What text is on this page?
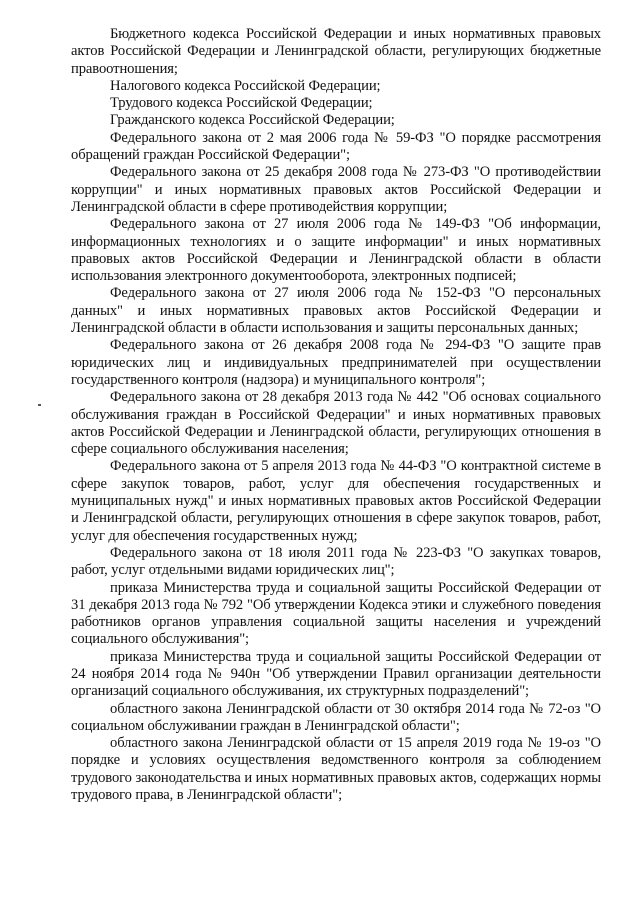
Бюджетного кодекса Российской Федерации и иных нормативных правовых актов Российской Федерации и Ленинградской области, регулирующих бюджетные правоотношения;

Налогового кодекса Российской Федерации;

Трудового кодекса Российской Федерации;

Гражданского кодекса Российской Федерации;

Федерального закона от 2 мая 2006 года № 59-ФЗ "О порядке рассмотрения обращений граждан Российской Федерации";

Федерального закона от 25 декабря 2008 года № 273-ФЗ "О противодействии коррупции" и иных нормативных правовых актов Российской Федерации и Ленинградской области в сфере противодействия коррупции;

Федерального закона от 27 июля 2006 года № 149-ФЗ "Об информации, информационных технологиях и о защите информации" и иных нормативных правовых актов Российской Федерации и Ленинградской области в области использования электронного документооборота, электронных подписей;

Федерального закона от 27 июля 2006 года № 152-ФЗ "О персональных данных" и иных нормативных правовых актов Российской Федерации и Ленинградской области в области использования и защиты персональных данных;

Федерального закона от 26 декабря 2008 года № 294-ФЗ "О защите прав юридических лиц и индивидуальных предпринимателей при осуществлении государственного контроля (надзора) и муниципального контроля";

Федерального закона от 28 декабря 2013 года № 442 "Об основах социального обслуживания граждан в Российской Федерации" и иных нормативных правовых актов Российской Федерации и Ленинградской области, регулирующих отношения в сфере социального обслуживания населения;

Федерального закона от 5 апреля 2013 года № 44-ФЗ "О контрактной системе в сфере закупок товаров, работ, услуг для обеспечения государственных и муниципальных нужд" и иных нормативных правовых актов Российской Федерации и Ленинградской области, регулирующих отношения в сфере закупок товаров, работ, услуг для обеспечения государственных нужд;

Федерального закона от 18 июля 2011 года № 223-ФЗ "О закупках товаров, работ, услуг отдельными видами юридических лиц";

приказа Министерства труда и социальной защиты Российской Федерации от 31 декабря 2013 года № 792 "Об утверждении Кодекса этики и служебного поведения работников органов управления социальной защиты населения и учреждений социального обслуживания";

приказа Министерства труда и социальной защиты Российской Федерации от 24 ноября 2014 года № 940н "Об утверждении Правил организации деятельности организаций социального обслуживания, их структурных подразделений";

областного закона Ленинградской области от 30 октября 2014 года № 72-оз "О социальном обслуживании граждан в Ленинградской области";

областного закона Ленинградской области от 15 апреля 2019 года № 19-оз "О порядке и условиях осуществления ведомственного контроля за соблюдением трудового законодательства и иных нормативных правовых актов, содержащих нормы трудового права, в Ленинградской области";
